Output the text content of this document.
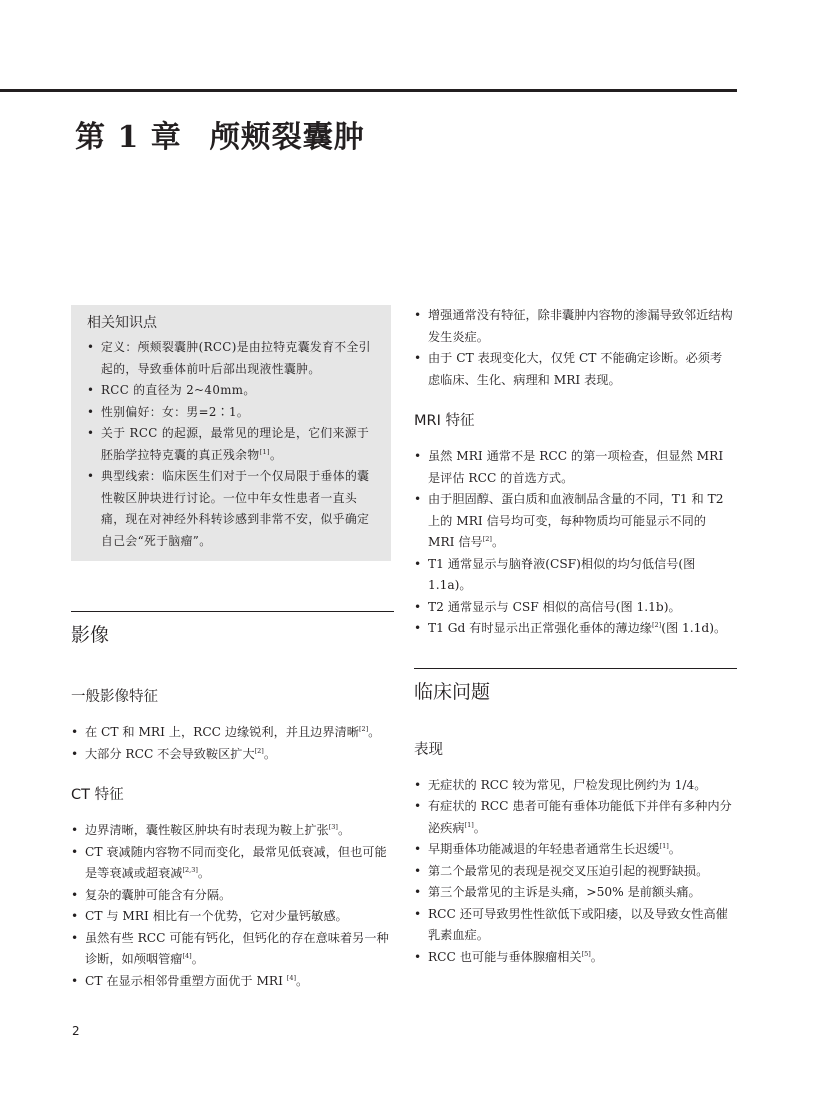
第 1 章 颅颊裂囊肿
相关知识点
• 定义：颅颊裂囊肿(RCC)是由拉特克囊发育不全引起的，导致垂体前叶后部出现液性囊肿。
• RCC 的直径为 2~40mm。
• 性别偏好：女：男=2∶1。
• 关于 RCC 的起源，最常见的理论是，它们来源于胚胎学拉特克囊的真正残余物[1]。
• 典型线索：临床医生们对于一个仅局限于垂体的囊性鞍区肿块进行讨论。一位中年女性患者一直头痛，现在对神经外科转诊感到非常不安，似乎确定自己会“死于脑瘤”。
影像
一般影像特征
• 在 CT 和 MRI 上，RCC 边缘锐利，并且边界清晰[2]。
• 大部分 RCC 不会导致鞍区扩大[2]。
CT 特征
• 边界清晰，囊性鞍区肿块有时表现为鞍上扩张[3]。
• CT 衰减随内容物不同而变化，最常见低衰减，但也可能是等衰减或超衰减[2,3]。
• 复杂的囊肿可能含有分隔。
• CT 与 MRI 相比有一个优势，它对少量钙敏感。
• 虽然有些 RCC 可能有钙化，但钙化的存在意味着另一种诊断，如颅咽管瘤[4]。
• CT 在显示相邻骨重塑方面优于 MRI [4]。
• 增强通常没有特征，除非囊肿内容物的渗漏导致邻近结构发生炎症。
• 由于 CT 表现变化大，仅凭 CT 不能确定诊断。必须考虑临床、生化、病理和 MRI 表现。
MRI 特征
• 虽然 MRI 通常不是 RCC 的第一项检查，但显然 MRI 是评估 RCC 的首选方式。
• 由于胆固醇、蛋白质和血液制品含量的不同，T1 和 T2 上的 MRI 信号均可变，每种物质均可能显示不同的 MRI 信号[2]。
• T1 通常显示与脑脊液(CSF)相似的均匀低信号(图 1.1a)。
• T2 通常显示与 CSF 相似的高信号(图 1.1b)。
• T1 Gd 有时显示出正常强化垂体的薄边缘[2](图 1.1d)。
临床问题
表现
• 无症状的 RCC 较为常见，尸检发现比例约为 1/4。
• 有症状的 RCC 患者可能有垂体功能低下并伴有多种内分泌疾病[1]。
• 早期垂体功能减退的年轻患者通常生长迟缓[1]。
• 第二个最常见的表现是视交叉压迫引起的视野缺损。
• 第三个最常见的主诉是头痛，>50% 是前额头痛。
• RCC 还可导致男性性欲低下或阳痿，以及导致女性高催乳素血症。
• RCC 也可能与垂体腺瘤相关[5]。
2
